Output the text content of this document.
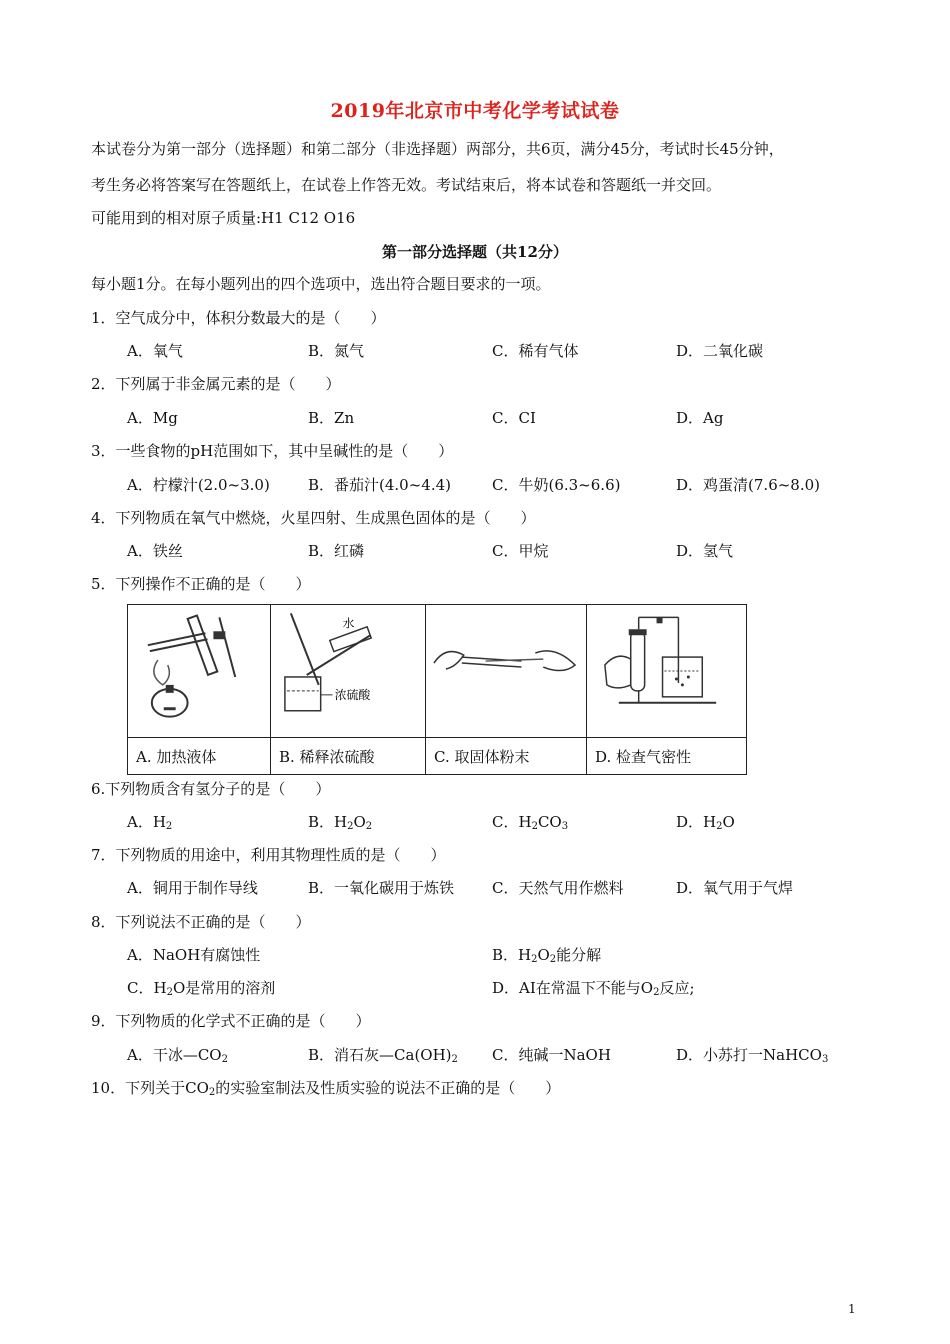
2019年北京市中考化学考试试卷
本试卷分为第一部分（选择题）和第二部分（非选择题）两部分，共6页，满分45分，考试时长45分钟，
考生务必将答案写在答题纸上，在试卷上作答无效。考试结束后，将本试卷和答题纸一并交回。
可能用到的相对原子质量:H1 C12 O16
第一部分选择题（共12分）
每小题1分。在每小题列出的四个选项中，选出符合题目要求的一项。
1．空气成分中，体积分数最大的是（　　）
A．氧气	B．氮气	C．稀有气体	D．二氧化碳
2．下列属于非金属元素的是（　　）
A．Mg	B．Zn	C．CI	D．Ag
3．一些食物的pH范围如下，其中呈碱性的是（　　）
A．柠檬汁(2.0~3.0)	B．番茄汁(4.0~4.4)	C．牛奶(6.3~6.6)	D．鸡蛋清(7.6~8.0)
4．下列物质在氧气中燃烧，火星四射、生成黑色固体的是（　　）
A．铁丝	B．红磷	C．甲烷	D．氢气
5．下列操作不正确的是（　　）

水
浓硫酸

A. 加热液体	B. 稀释浓硫酸	C. 取固体粉末	D. 检查气密性
6.下列物质含有氢分子的是（　　）
A．$H_2$	B．$H_2O_2$	C．$H_2CO_3$	D．$H_2O$
7．下列物质的用途中，利用其物理性质的是（　　）
A．铜用于制作导线	B．一氧化碳用于炼铁	C．天然气用作燃料	D．氧气用于气焊
8．下列说法不正确的是（　　）
A．NaOH有腐蚀性	B．$H_2O_2$能分解
C．$H_2O$是常用的溶剂	D．AI在常温下不能与$O_2$反应;
9．下列物质的化学式不正确的是（　　）
A．干冰$—CO_2$	B．消石灰$—Ca(OH)_2$ C．纯碱一NaOH	D．小苏打一NaHCO$_3$
10．下列关于$CO_2$的实验室制法及性质实验的说法不正确的是（　　）
1
